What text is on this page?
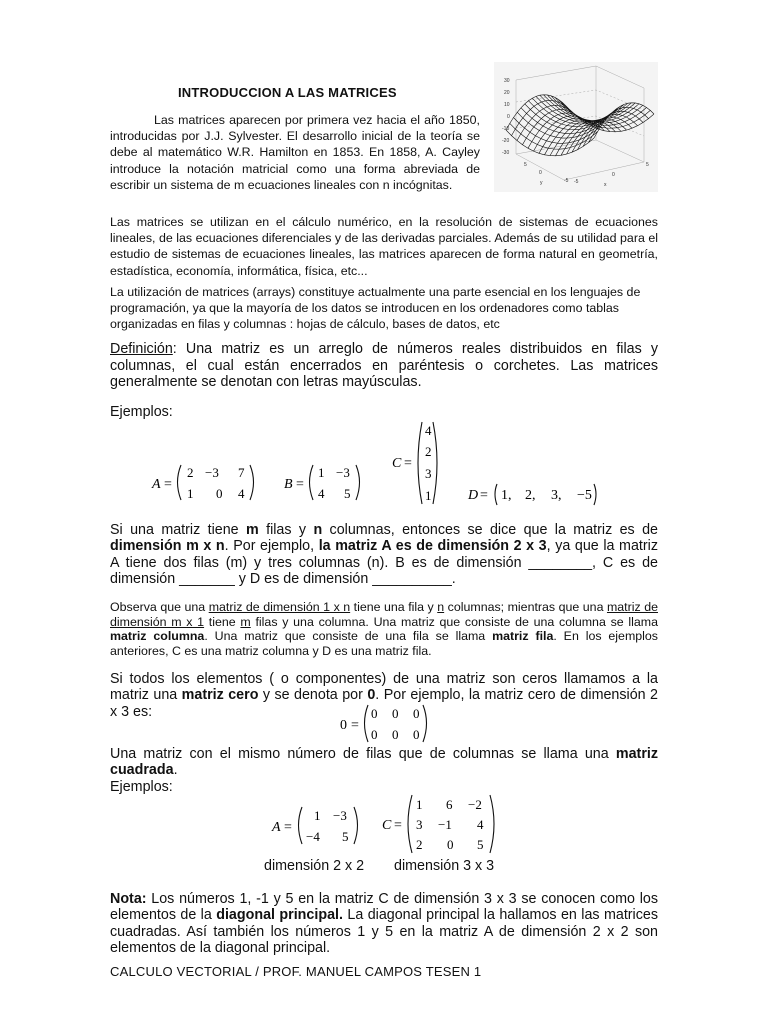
INTRODUCCION A LAS MATRICES
30
20
10
0
-10
-20
-30
5
0
-5
y	-5
0
5
x
Las matrices aparecen por primera vez hacia el año 1850, introducidas por J.J. Sylvester. El desarrollo inicial de la teoría se debe al matemático W.R. Hamilton en 1853. En 1858, A. Cayley introduce la notación matricial como una forma abreviada de escribir un sistema de m ecuaciones lineales con n incógnitas.
Las matrices se utilizan en el cálculo numérico, en la resolución de sistemas de ecuaciones lineales, de las ecuaciones diferenciales y de las derivadas parciales. Además de su utilidad para el estudio de sistemas de ecuaciones lineales, las matrices aparecen de forma natural en geometría, estadística, economía, informática, física, etc...
La utilización de matrices (arrays) constituye actualmente una parte esencial en los lenguajes de programación, ya que la mayoría de los datos se introducen en los ordenadores como tablas organizadas en filas y columnas : hojas de cálculo, bases de datos, etc
Definición: Una matriz es un arreglo de números reales distribuidos en filas y columnas, el cual están encerrados en paréntesis o corchetes. Las matrices generalmente se denotan con letras mayúsculas.
Ejemplos:
A =
2 −3 7
1 0 4
B =
1 −3
4 5
C =
4
2
3
1	D = 1, 2, 3, −5
Si una matriz tiene m filas y n columnas, entonces se dice que la matriz es de dimensión m x n. Por ejemplo, la matriz A es de dimensión 2 x 3, ya que la matriz A tiene dos filas (m) y tres columnas (n). B es de dimensión ________, C es de dimensión _______ y D es de dimensión __________.
Observa que una matriz de dimensión 1 x n tiene una fila y n columnas; mientras que una matriz de dimensión m x 1 tiene m filas y una columna. Una matriz que consiste de una columna se llama matriz columna. Una matriz que consiste de una fila se llama matriz fila. En los ejemplos anteriores, C es una matriz columna y D es una matriz fila.
Si todos los elementos ( o componentes) de una matriz son ceros llamamos a la matriz una matriz cero y se denota por 0. Por ejemplo, la matriz cero de dimensión 2 x 3 es:
0 =
0 0 0
0 0 0
Una matriz con el mismo número de filas que de columnas se llama una matriz cuadrada.
Ejemplos:
A =
1 −3
−4 5
C =
1 6 −2
3 −1 4
2 0 5
dimensión 2 x 2 dimensión 3 x 3
Nota: Los números 1, -1 y 5 en la matriz C de dimensión 3 x 3 se conocen como los elementos de la diagonal principal. La diagonal principal la hallamos en las matrices cuadradas. Así también los números 1 y 5 en la matriz A de dimensión 2 x 2 son elementos de la diagonal principal.
CALCULO VECTORIAL / PROF. MANUEL CAMPOS TESEN 1
